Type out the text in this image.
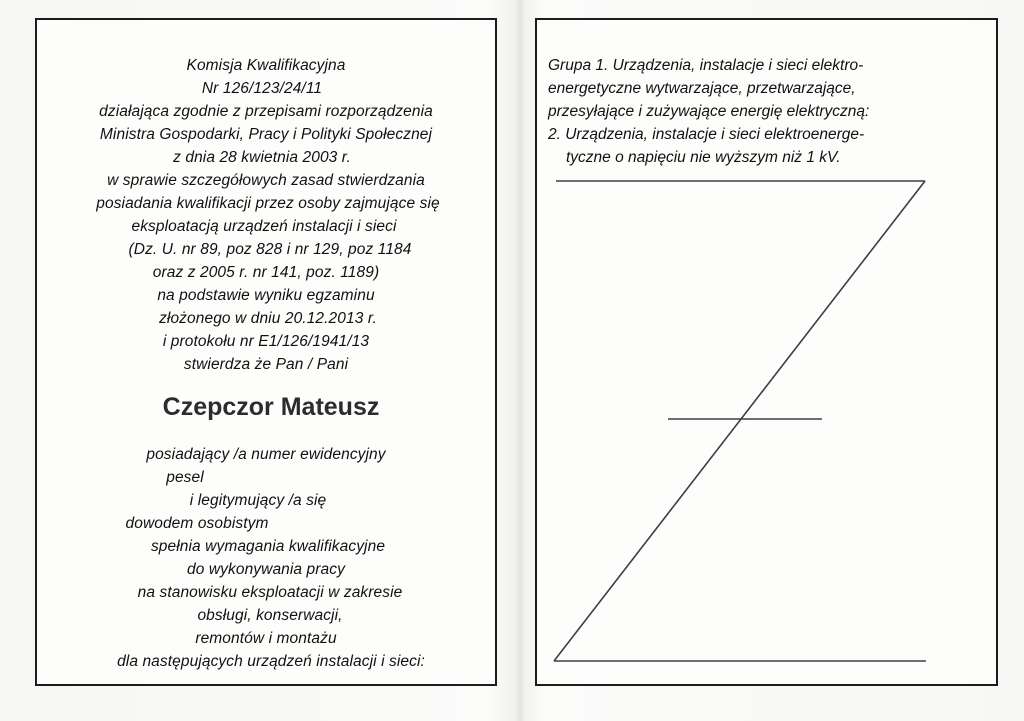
Komisja Kwalifikacyjna
Nr 126/123/24/11
działająca zgodnie z przepisami rozporządzenia
Ministra Gospodarki, Pracy i Polityki Społecznej
z dnia 28 kwietnia 2003 r.
w sprawie szczegółowych zasad stwierdzania
posiadania kwalifikacji przez osoby zajmujące się
eksploatacją urządzeń instalacji i sieci
(Dz. U. nr 89, poz 828 i nr 129, poz 1184
oraz z 2005 r. nr 141, poz. 1189)
na podstawie wyniku egzaminu
złożonego w dniu 20.12.2013 r.
i protokołu nr E1/126/1941/13
stwierdza że Pan / Pani
Czepczor Mateusz
posiadający /a numer ewidencyjny
pesel
i legitymujący /a się
dowodem osobistym
spełnia wymagania kwalifikacyjne
do wykonywania pracy
na stanowisku eksploatacji w zakresie
obsługi, konserwacji,
remontów i montażu
dla następujących urządzeń instalacji i sieci:
Grupa 1. Urządzenia, instalacje i sieci elektro-
energetyczne wytwarzające, przetwarzające,
przesyłające i zużywające energię elektryczną:
2. Urządzenia, instalacje i sieci elektroenerge-
tyczne o napięciu nie wyższym niż 1 kV.
